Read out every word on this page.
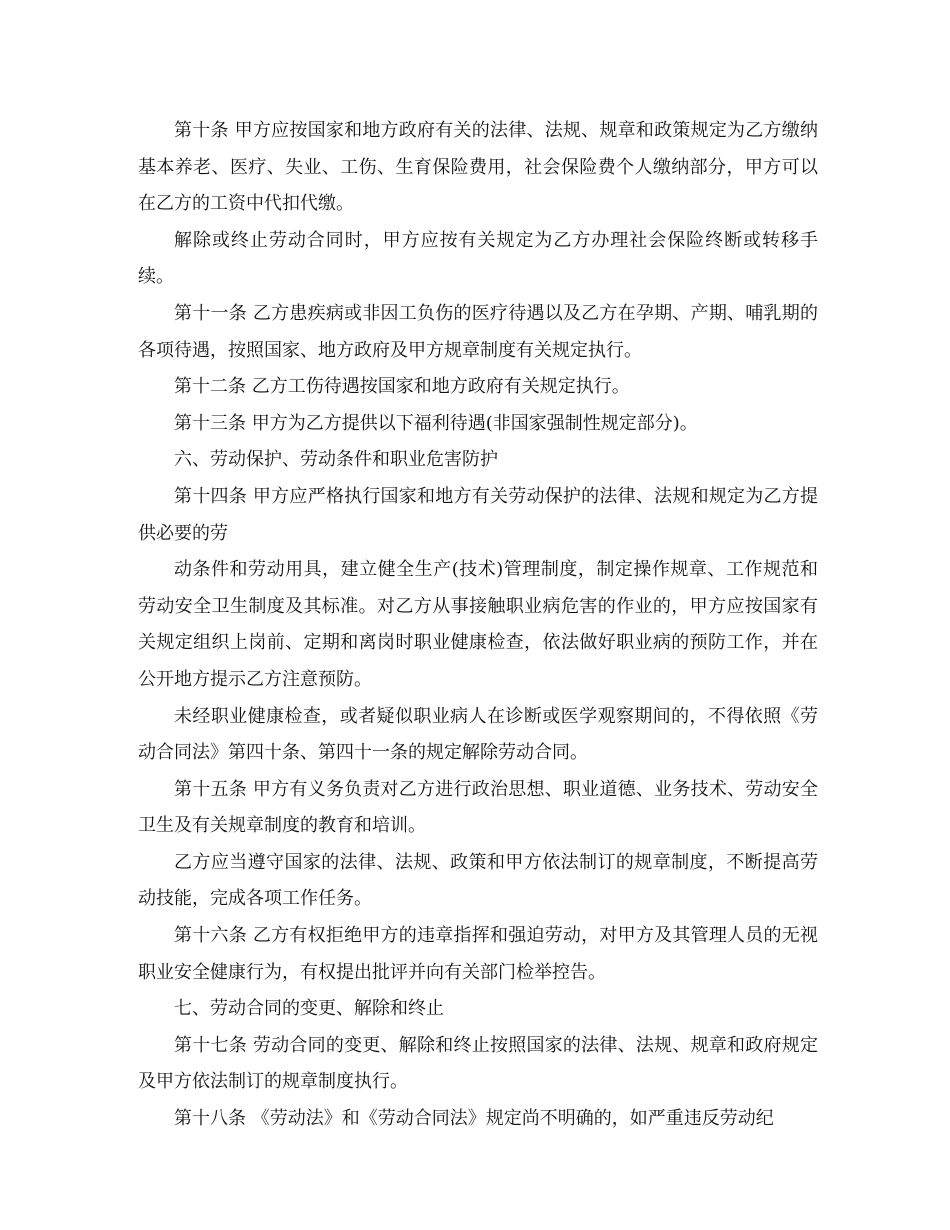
第十条 甲方应按国家和地方政府有关的法律、法规、规章和政策规定为乙方缴纳基本养老、医疗、失业、工伤、生育保险费用，社会保险费个人缴纳部分，甲方可以在乙方的工资中代扣代缴。

解除或终止劳动合同时，甲方应按有关规定为乙方办理社会保险终断或转移手续。

第十一条 乙方患疾病或非因工负伤的医疗待遇以及乙方在孕期、产期、哺乳期的各项待遇，按照国家、地方政府及甲方规章制度有关规定执行。

第十二条 乙方工伤待遇按国家和地方政府有关规定执行。

第十三条 甲方为乙方提供以下福利待遇(非国家强制性规定部分)。

六、劳动保护、劳动条件和职业危害防护

第十四条 甲方应严格执行国家和地方有关劳动保护的法律、法规和规定为乙方提供必要的劳

动条件和劳动用具，建立健全生产(技术)管理制度，制定操作规章、工作规范和劳动安全卫生制度及其标准。对乙方从事接触职业病危害的作业的，甲方应按国家有关规定组织上岗前、定期和离岗时职业健康检查，依法做好职业病的预防工作，并在公开地方提示乙方注意预防。

未经职业健康检查，或者疑似职业病人在诊断或医学观察期间的，不得依照《劳动合同法》第四十条、第四十一条的规定解除劳动合同。

第十五条 甲方有义务负责对乙方进行政治思想、职业道德、业务技术、劳动安全卫生及有关规章制度的教育和培训。

乙方应当遵守国家的法律、法规、政策和甲方依法制订的规章制度，不断提高劳动技能，完成各项工作任务。

第十六条 乙方有权拒绝甲方的违章指挥和强迫劳动，对甲方及其管理人员的无视职业安全健康行为，有权提出批评并向有关部门检举控告。

七、劳动合同的变更、解除和终止

第十七条 劳动合同的变更、解除和终止按照国家的法律、法规、规章和政府规定及甲方依法制订的规章制度执行。

第十八条 《劳动法》和《劳动合同法》规定尚不明确的，如严重违反劳动纪
